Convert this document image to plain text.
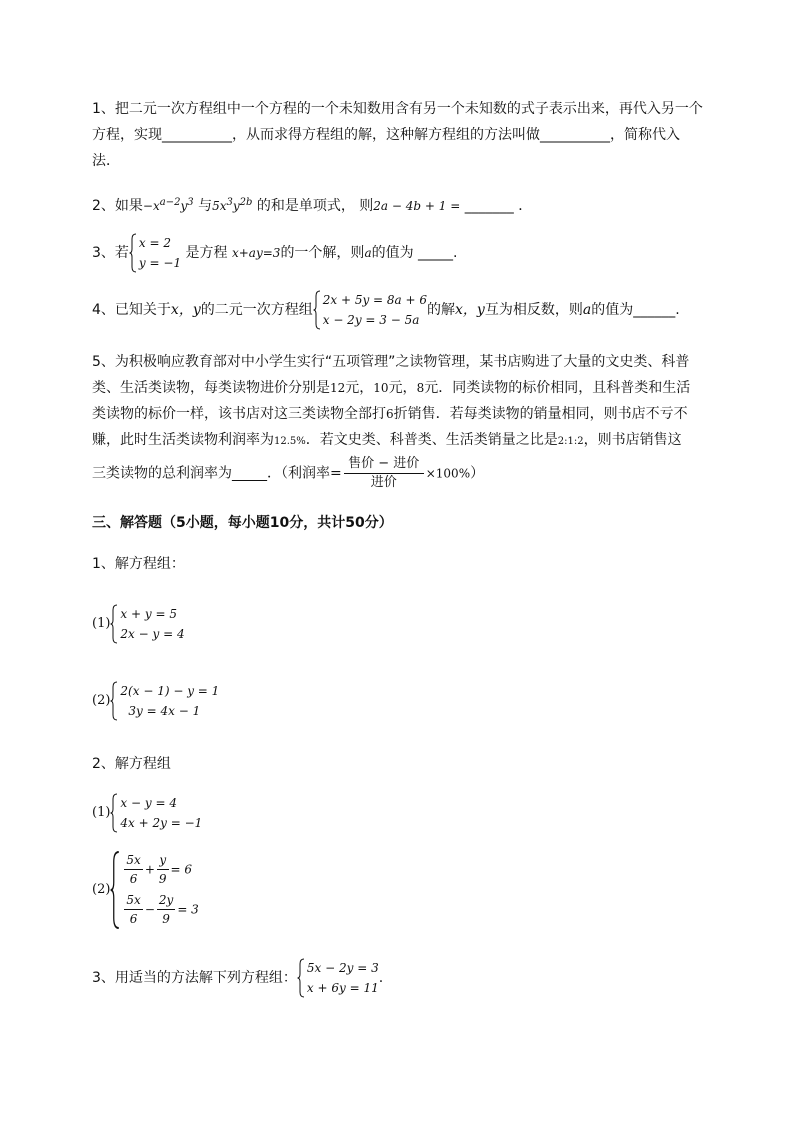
1、把二元一次方程组中一个方程的一个未知数用含有另一个未知数的式子表示出来，再代入另一个
方程，实现__________，从而求得方程组的解，这种解方程组的方法叫做__________，简称代入
法．

2、如果$-x^{a-2}y^3$ 与$5x^3y^{2b}$ 的和是单项式， 则2a − 4b + 1 = _______ ．

3、若
x = 2
y = −1
是方程 x+ay=3的一个解，则a的值为 _____.
4、已知关于x，y的二元一次方程组
2x + 5y = 8a + 6
x − 2y = 3 − 5a
的解x，y互为相反数，则a的值为______.
5、为积极响应教育部对中小学生实行“五项管理”之读物管理，某书店购进了大量的文史类、科普
类、生活类读物，每类读物进价分别是12元，10元，8元．同类读物的标价相同，且科普类和生活
类读物的标价一样，该书店对这三类读物全部打6折销售．若每类读物的销量相同，则书店不亏不
赚，此时生活类读物利润率为12.5%．若文史类、科普类、生活类销量之比是2:1:2，则书店销售这
三类读物的总利润率为_____．（利润率= $\frac{\text{售价 − 进价}}{\text{进价}} \times 100\%$）

三、解答题（5小题，每小题10分，共计50分）

1、解方程组：

(1)
x + y = 5
2x − y = 4
(2)
2(x − 1) − y = 1
3y = 4x − 1

2、解方程组

(1)
x − y = 4
4x + 2y = −1
(2)
$\frac{5x}{6} + \frac{y}{9} = 6$
$\frac{5x}{6} - \frac{2y}{9} = 3$
3、用适当的方法解下列方程组：
5x − 2y = 3
x + 6y = 11
.
